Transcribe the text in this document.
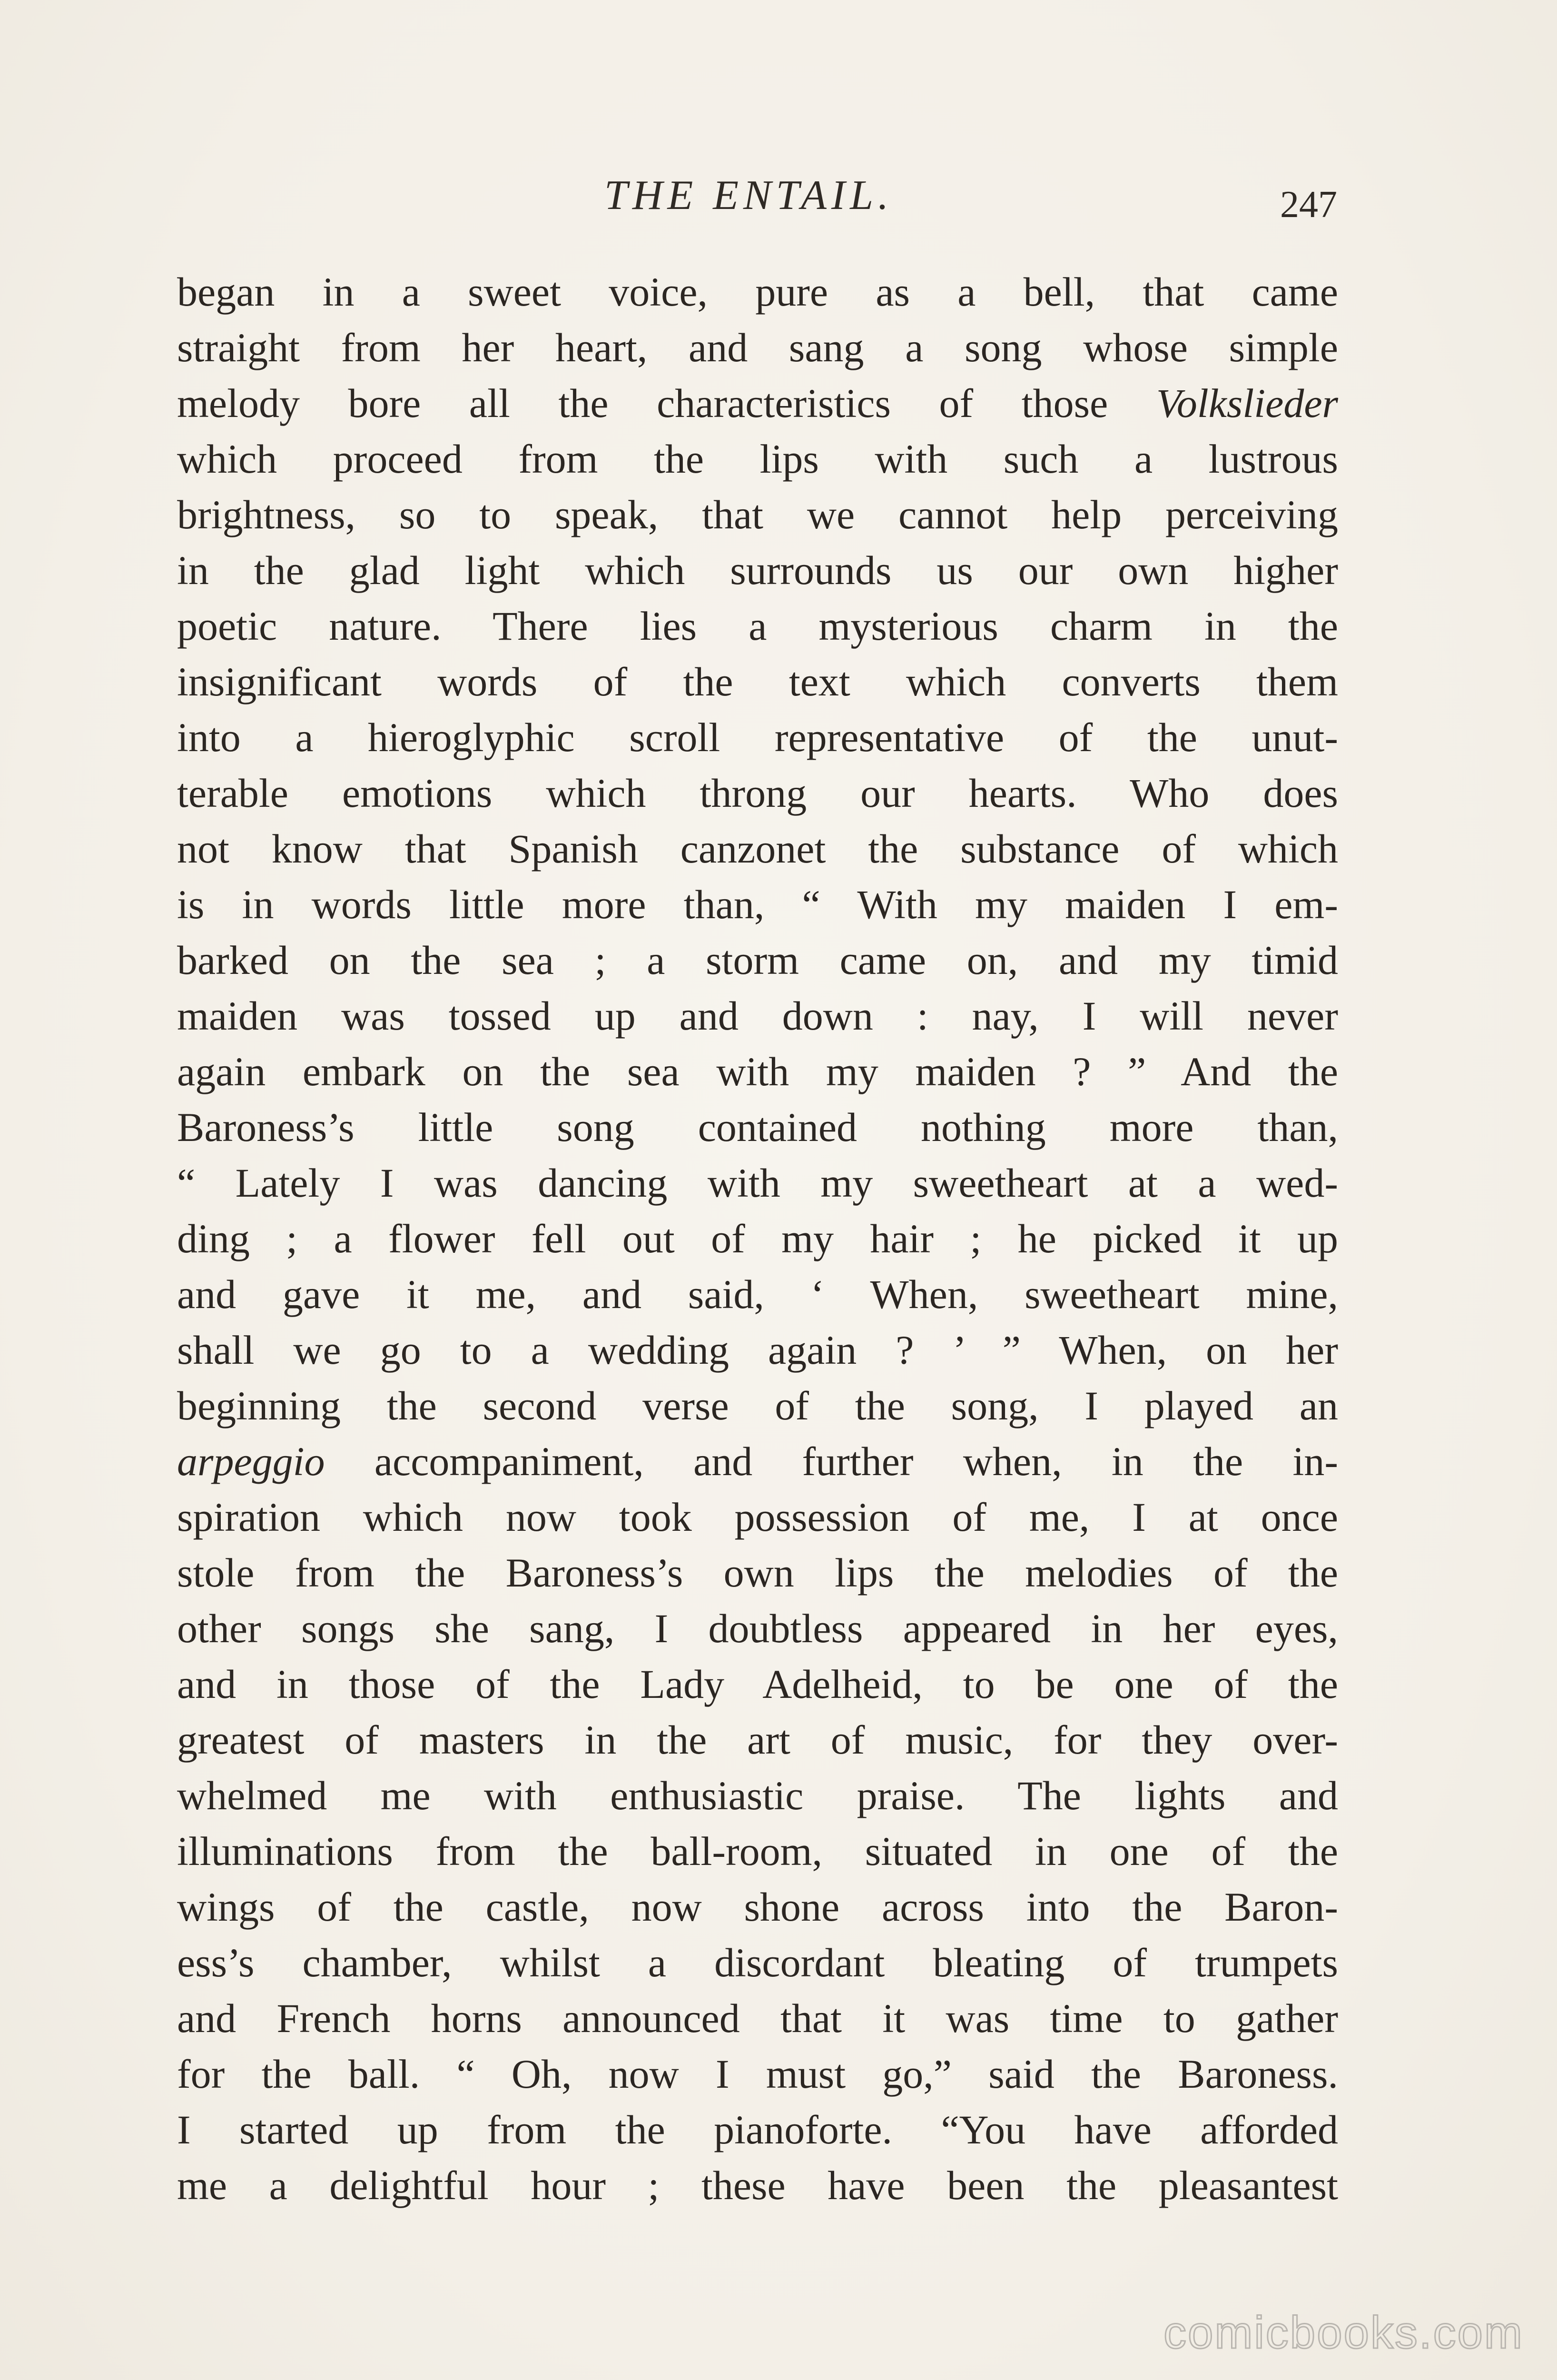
THE ENTAIL.	247
began in a sweet voice, pure as a bell, that came
straight from her heart, and sang a song whose simple
melody bore all the characteristics of those Volkslieder
which proceed from the lips with such a lustrous
brightness, so to speak, that we cannot help perceiving
in the glad light which surrounds us our own higher
poetic nature. There lies a mysterious charm in the
insignificant words of the text which converts them
into a hieroglyphic scroll representative of the unut-
terable emotions which throng our hearts. Who does
not know that Spanish canzonet the substance of which
is in words little more than, “ With my maiden I em-
barked on the sea ; a storm came on, and my timid
maiden was tossed up and down : nay, I will never
again embark on the sea with my maiden ? ” And the
Baroness’s little song contained nothing more than,
“ Lately I was dancing with my sweetheart at a wed-
ding ; a flower fell out of my hair ; he picked it up
and gave it me, and said, ‘ When, sweetheart mine,
shall we go to a wedding again ? ’ ” When, on her
beginning the second verse of the song, I played an
arpeggio accompaniment, and further when, in the in-
spiration which now took possession of me, I at once
stole from the Baroness’s own lips the melodies of the
other songs she sang, I doubtless appeared in her eyes,
and in those of the Lady Adelheid, to be one of the
greatest of masters in the art of music, for they over-
whelmed me with enthusiastic praise. The lights and
illuminations from the ball-room, situated in one of the
wings of the castle, now shone across into the Baron-
ess’s chamber, whilst a discordant bleating of trumpets
and French horns announced that it was time to gather
for the ball. “ Oh, now I must go,” said the Baroness.
I started up from the pianoforte. “You have afforded
me a delightful hour ; these have been the pleasantest
comicbooks.com
